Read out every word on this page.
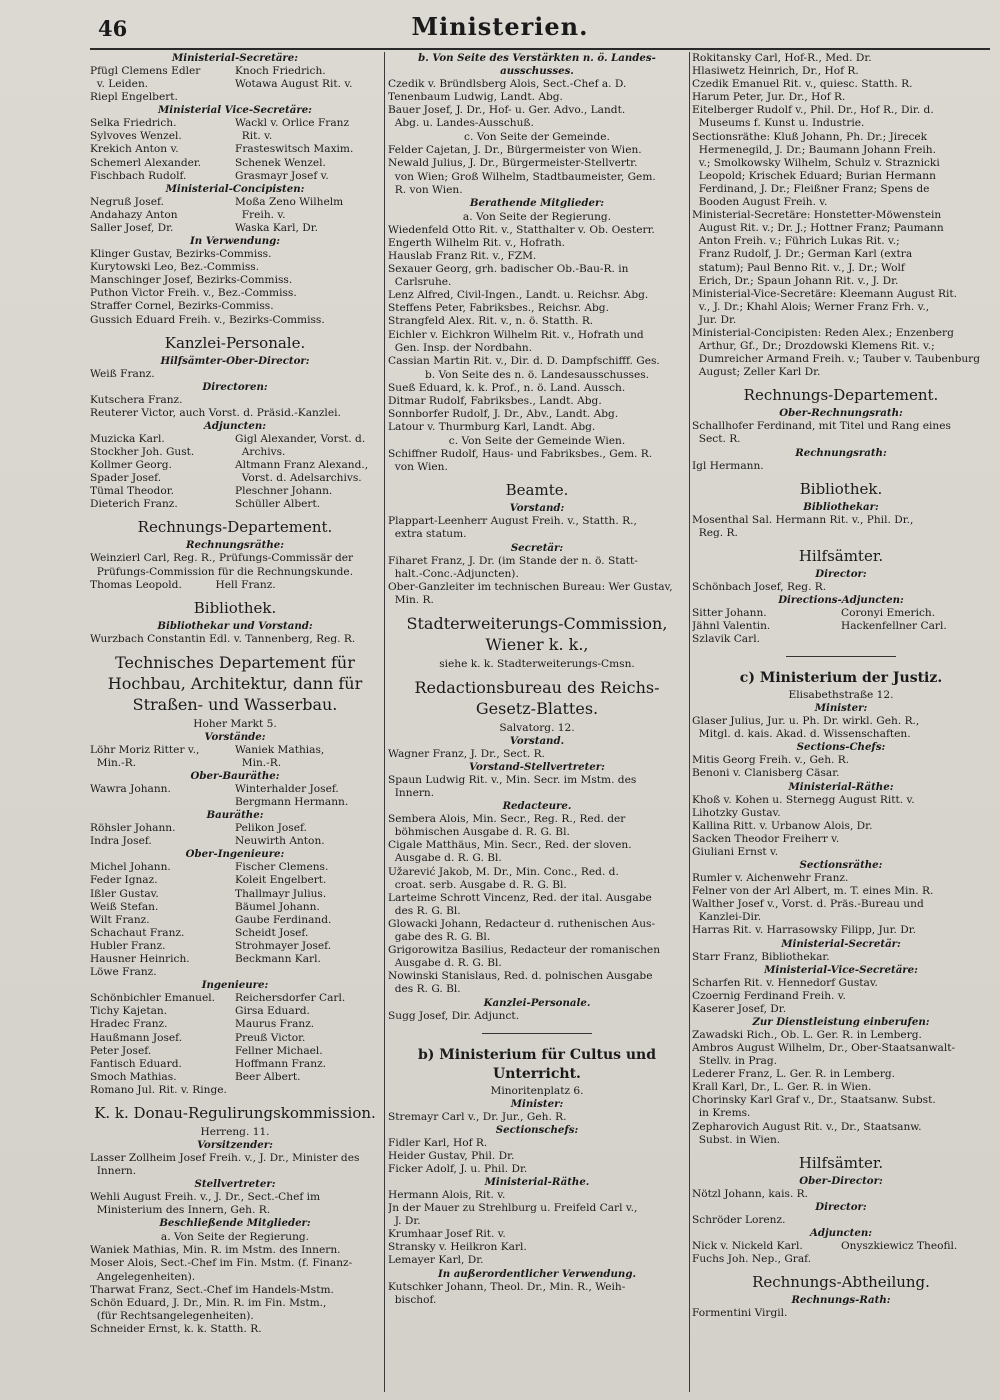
46	Ministerien.
Ministerial-Secretäre:
Pfügl Clemens Edler
v. Leiden.
Knoch Friedrich.
Wotawa August Rit. v.
Riepl Engelbert.
Ministerial Vice-Secretäre:
Selka Friedrich.
Sylvoves Wenzel.
Krekich Anton v.
Schemerl Alexander.
Fischbach Rudolf.
Wackl v. Orlice Franz
Rit. v.
Frasteswitsch Maxim.
Schenek Wenzel.
Grasmayr Josef v.
Ministerial-Concipisten:
Negruß Josef.
Andahazy Anton
Saller Josef, Dr.
Moßa Zeno Wilhelm
Freih. v.
Waska Karl, Dr.
In Verwendung:
Klinger Gustav, Bezirks-Commiss.
Kurytowski Leo, Bez.-Commiss.
Manschinger Josef, Bezirks-Commiss.
Puthon Victor Freih. v., Bez.-Commiss.
Straffer Cornel, Bezirks-Commiss.
Gussich Eduard Freih. v., Bezirks-Commiss.
Kanzlei-Personale.
Hilfsämter-Ober-Director:
Weiß Franz.
Directoren:
Kutschera Franz.
Reuterer Victor, auch Vorst. d. Präsid.-Kanzlei.
Adjuncten:
Muzicka Karl.
Stockher Joh. Gust.
Kollmer Georg.
Spader Josef.
Tümal Theodor.
Dieterich Franz.
Gigl Alexander, Vorst. d.
Archivs.
Altmann Franz Alexand.,
Vorst. d. Adelsarchivs.
Pleschner Johann.
Schüller Albert.
Rechnungs-Departement.
Rechnungsräthe:
Weinzierl Carl, Reg. R., Prüfungs-Commissär der
Prüfungs-Commission für die Rechnungskunde.
Thomas Leopold.          Hell Franz.
Bibliothek.
Bibliothekar und Vorstand:
Wurzbach Constantin Edl. v. Tannenberg, Reg. R.
Technisches Departement für Hochbau, Architektur, dann für Straßen- und Wasserbau.
Hoher Markt 5.
Vorstände:
Löhr Moriz Ritter v.,
Min.-R.
Waniek Mathias,
Min.-R.
Ober-Bauräthe:
Wawra Johann.	Winterhalder Josef.
Bergmann Hermann.
Bauräthe:
Röhsler Johann.
Indra Josef.
Pelikon Josef.
Neuwirth Anton.
Ober-Ingenieure:
Michel Johann.
Feder Ignaz.
Ißler Gustav.
Weiß Stefan.
Wilt Franz.
Schachaut Franz.
Hubler Franz.
Hausner Heinrich.
Löwe Franz.
Fischer Clemens.
Koleit Engelbert.
Thallmayr Julius.
Bäumel Johann.
Gaube Ferdinand.
Scheidt Josef.
Strohmayer Josef.
Beckmann Karl.
Ingenieure:
Schönbichler Emanuel.
Tichy Kajetan.
Hradec Franz.
Haußmann Josef.
Peter Josef.
Fantisch Eduard.
Smoch Mathias.
Romano Jul. Rit. v. Ringe.
Reichersdorfer Carl.
Girsa Eduard.
Maurus Franz.
Preuß Victor.
Fellner Michael.
Hoffmann Franz.
Beer Albert.
K. k. Donau-Regulirungskommission.
Herreng. 11.
Vorsitzender:
Lasser Zollheim Josef Freih. v., J. Dr., Minister des
Innern.
Stellvertreter:
Wehli August Freih. v., J. Dr., Sect.-Chef im
Ministerium des Innern, Geh. R.
Beschließende Mitglieder:
a. Von Seite der Regierung.
Waniek Mathias, Min. R. im Mstm. des Innern.
Moser Alois, Sect.-Chef im Fin. Mstm. (f. Finanz-
Angelegenheiten).
Tharwat Franz, Sect.-Chef im Handels-Mstm.
Schön Eduard, J. Dr., Min. R. im Fin. Mstm.,
(für Rechtsangelegenheiten).
Schneider Ernst, k. k. Statth. R.
b. Von Seite des Verstärkten n. ö. Landes-ausschusses.
Czedik v. Bründlsberg Alois, Sect.-Chef a. D.
Tenenbaum Ludwig, Landt. Abg.
Bauer Josef, J. Dr., Hof- u. Ger. Advo., Landt.
Abg. u. Landes-Ausschuß.
c. Von Seite der Gemeinde.
Felder Cajetan, J. Dr., Bürgermeister von Wien.
Newald Julius, J. Dr., Bürgermeister-Stellvertr.
von Wien; Groß Wilhelm, Stadtbaumeister, Gem.
R. von Wien.
Berathende Mitglieder:
a. Von Seite der Regierung.
Wiedenfeld Otto Rit. v., Statthalter v. Ob. Oesterr.
Engerth Wilhelm Rit. v., Hofrath.
Hauslab Franz Rit. v., FZM.
Sexauer Georg, grh. badischer Ob.-Bau-R. in
Carlsruhe.
Lenz Alfred, Civil-Ingen., Landt. u. Reichsr. Abg.
Steffens Peter, Fabriksbes., Reichsr. Abg.
Strangfeld Alex. Rit. v., n. ö. Statth. R.
Eichler v. Eichkron Wilhelm Rit. v., Hofrath und
Gen. Insp. der Nordbahn.
Cassian Martin Rit. v., Dir. d. D. Dampfschifff. Ges.
b. Von Seite des n. ö. Landesausschusses.
Sueß Eduard, k. k. Prof., n. ö. Land. Aussch.
Ditmar Rudolf, Fabriksbes., Landt. Abg.
Sonnborfer Rudolf, J. Dr., Abv., Landt. Abg.
Latour v. Thurmburg Karl, Landt. Abg.
c. Von Seite der Gemeinde Wien.
Schiffner Rudolf, Haus- und Fabriksbes., Gem. R.
von Wien.
Beamte.
Vorstand:
Plappart-Leenherr August Freih. v., Statth. R.,
extra statum.
Secretär:
Fiharet Franz, J. Dr. (im Stande der n. ö. Statt-
halt.-Conc.-Adjuncten).
Ober-Ganzleiter im technischen Bureau: Wer Gustav,
Min. R.
Stadterweiterungs-Commission, Wiener k. k.,
siehe k. k. Stadterweiterungs-Cmsn.
Redactionsbureau des Reichs-Gesetz-Blattes.
Salvatorg. 12.
Vorstand.
Wagner Franz, J. Dr., Sect. R.
Vorstand-Stellvertreter:
Spaun Ludwig Rit. v., Min. Secr. im Mstm. des
Innern.
Redacteure.
Sembera Alois, Min. Secr., Reg. R., Red. der
böhmischen Ausgabe d. R. G. Bl.
Cigale Matthäus, Min. Secr., Red. der sloven.
Ausgabe d. R. G. Bl.
Užarević Jakob, M. Dr., Min. Conc., Red. d.
croat. serb. Ausgabe d. R. G. Bl.
Larteime Schrott Vincenz, Red. der ital. Ausgabe
des R. G. Bl.
Glowacki Johann, Redacteur d. ruthenischen Aus-
gabe des R. G. Bl.
Grigorowitza Basilius, Redacteur der romanischen
Ausgabe d. R. G. Bl.
Nowinski Stanislaus, Red. d. polnischen Ausgabe
des R. G. Bl.
Kanzlei-Personale.
Sugg Josef, Dir. Adjunct.
b) Ministerium für Cultus und Unterricht.
Minoritenplatz 6.
Minister:
Stremayr Carl v., Dr. Jur., Geh. R.
Sectionschefs:
Fidler Karl, Hof R.
Heider Gustav, Phil. Dr.
Ficker Adolf, J. u. Phil. Dr.
Ministerial-Räthe.
Hermann Alois, Rit. v.
Jn der Mauer zu Strehlburg u. Freifeld Carl v.,
J. Dr.
Krumhaar Josef Rit. v.
Stransky v. Heilkron Karl.
Lemayer Karl, Dr.
In außerordentlicher Verwendung.
Kutschker Johann, Theol. Dr., Min. R., Weih-
bischof.
Rokitansky Carl, Hof-R., Med. Dr.
Hlasiwetz Heinrich, Dr., Hof R.
Czedik Emanuel Rit. v., quiesc. Statth. R.
Harum Peter, Jur. Dr., Hof R.
Eitelberger Rudolf v., Phil. Dr., Hof R., Dir. d.
Museums f. Kunst u. Industrie.
Sectionsräthe: Kluß Johann, Ph. Dr.; Jirecek
Hermenegild, J. Dr.; Baumann Johann Freih.
v.; Smolkowsky Wilhelm, Schulz v. Straznicki
Leopold; Krischek Eduard; Burian Hermann
Ferdinand, J. Dr.; Fleißner Franz; Spens de
Booden August Freih. v.
Ministerial-Secretäre: Honstetter-Möwenstein
August Rit. v.; Dr. J.; Hottner Franz; Paumann
Anton Freih. v.; Führich Lukas Rit. v.;
Franz Rudolf, J. Dr.; German Karl (extra
statum); Paul Benno Rit. v., J. Dr.; Wolf
Erich, Dr.; Spaun Johann Rit. v., J. Dr.
Ministerial-Vice-Secretäre: Kleemann August Rit.
v., J. Dr.; Khahl Alois; Werner Franz Frh. v.,
Jur. Dr.
Ministerial-Concipisten: Reden Alex.; Enzenberg
Arthur, Gf., Dr.; Drozdowski Klemens Rit. v.;
Dumreicher Armand Freih. v.; Tauber v. Taubenburg
August; Zeller Karl Dr.
Rechnungs-Departement.
Ober-Rechnungsrath:
Schallhofer Ferdinand, mit Titel und Rang eines
Sect. R.
Rechnungsrath:
Igl Hermann.
Bibliothek.
Bibliothekar:
Mosenthal Sal. Hermann Rit. v., Phil. Dr.,
Reg. R.
Hilfsämter.
Director:
Schönbach Josef, Reg. R.
Directions-Adjuncten:
Sitter Johann.
Jähnl Valentin.
Szlavik Carl.
Coronyi Emerich.
Hackenfellner Carl.
c) Ministerium der Justiz.
Elisabethstraße 12.
Minister:
Glaser Julius, Jur. u. Ph. Dr. wirkl. Geh. R.,
Mitgl. d. kais. Akad. d. Wissenschaften.
Sections-Chefs:
Mitis Georg Freih. v., Geh. R.
Benoni v. Clanisberg Cäsar.
Ministerial-Räthe:
Khoß v. Kohen u. Sternegg August Ritt. v.
Lihotzky Gustav.
Kallina Ritt. v. Urbanow Alois, Dr.
Sacken Theodor Freiherr v.
Giuliani Ernst v.
Sectionsräthe:
Rumler v. Aichenwehr Franz.
Felner von der Arl Albert, m. T. eines Min. R.
Walther Josef v., Vorst. d. Präs.-Bureau und
Kanzlei-Dir.
Harras Rit. v. Harrasowsky Filipp, Jur. Dr.
Ministerial-Secretär:
Starr Franz, Bibliothekar.
Ministerial-Vice-Secretäre:
Scharfen Rit. v. Hennedorf Gustav.
Czoernig Ferdinand Freih. v.
Kaserer Josef, Dr.
Zur Dienstleistung einberufen:
Zawadski Rich., Ob. L. Ger. R. in Lemberg.
Ambros August Wilhelm, Dr., Ober-Staatsanwalt-
Stellv. in Prag.
Lederer Franz, L. Ger. R. in Lemberg.
Krall Karl, Dr., L. Ger. R. in Wien.
Chorinsky Karl Graf v., Dr., Staatsanw. Subst.
in Krems.
Zepharovich August Rit. v., Dr., Staatsanw.
Subst. in Wien.
Hilfsämter.
Ober-Director:
Nötzl Johann, kais. R.
Director:
Schröder Lorenz.
Adjuncten:
Nick v. Nickeld Karl.
Fuchs Joh. Nep., Graf.
Onyszkiewicz Theofil.
Rechnungs-Abtheilung.
Rechnungs-Rath:
Formentini Virgil.
